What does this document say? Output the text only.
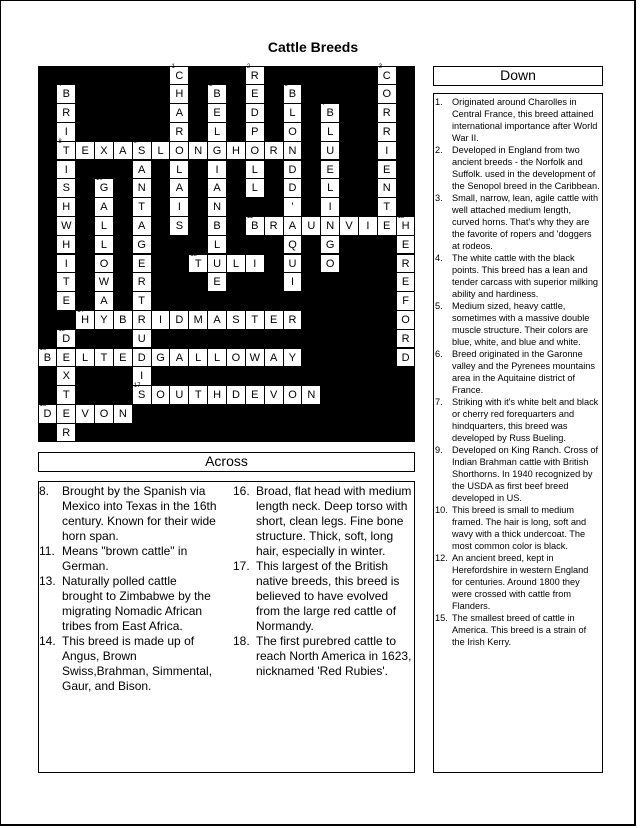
Cattle Breeds
1
C
H
A
R
O
L
A
I
S
2
R
E
D
P
O
L
L
3
C
O
R
R
I
E
N
T
E
4
B
R
I
8
T
I
S
H
W
H
I
T
E
5
B
E
L
G
I
A
N
B
L
U
E
6
B
L
O
N
D
D
'
A
Q
U
I
7
B
L
U
E
L
I
N
G
O
E	X	A
9
S	L	N	H	R
A
N
T
A
G
E
R
T
R
U
D
I
17
S
10
G
A
L
L
O
W
A
Y
11
B	R	U	V	I
12
H
E
R
E
F
O
R
D
13
T	L	I
14
H	B	I	D M A	S	T	E	R
15
D
E
X
T
E
R
16
B	L	T	E	G A	L	L	O W A	Y
O U	T	H D	E	V O N
18
D	V O N
Across
8.	Brought by the Spanish via Mexico into Texas in the 16th century. Known for their wide horn span.
11. Means "brown cattle" in German.
13. Naturally polled cattle brought to Zimbabwe by the migrating Nomadic African tribes from East Africa.
14. This breed is made up of Angus, Brown Swiss,Brahman, Simmental, Gaur, and Bison.
16. Broad, flat head with medium length neck. Deep torso with short, clean legs. Fine bone structure. Thick, soft, long hair, especially in winter.
17. This largest of the British native breeds, this breed is believed to have evolved from the large red cattle of Normandy.
18. The first purebred cattle to reach North America in 1623, nicknamed 'Red Rubies'.
Down
1.	Originated around Charolles in Central France, this breed attained international importance after World War II.
2.	Developed in England from two ancient breeds - the Norfolk and Suffolk. used in the development of the Senopol breed in the Caribbean.
3.	Small, narrow, lean, agile cattle with well attached medium length, curved horns. That's why they are the favorite of ropers and 'doggers at rodeos.
4.	The white cattle with the black points. This breed has a lean and tender carcass with superior milking ability and hardiness.
5.	Medium sized, heavy cattle, sometimes with a massive double muscle structure. Their colors are blue, white, and blue and white.
6.	Breed originated in the Garonne valley and the Pyrenees mountains area in the Aquitaine district of France.
7.	Striking with it's white belt and black or cherry red forequarters and hindquarters, this breed was developed by Russ Bueling.
9.	Developed on King Ranch. Cross of Indian Brahman cattle with British Shorthorns. In 1940 recognized by the USDA as first beef breed developed in US.
10. This breed is small to medium framed. The hair is long, soft and wavy with a thick undercoat. The most common color is black.
12. An ancient breed, kept in Herefordshire in western England for centuries. Around 1800 they were crossed with cattle from Flanders.
15. The smallest breed of cattle in America. This breed is a strain of the Irish Kerry.
